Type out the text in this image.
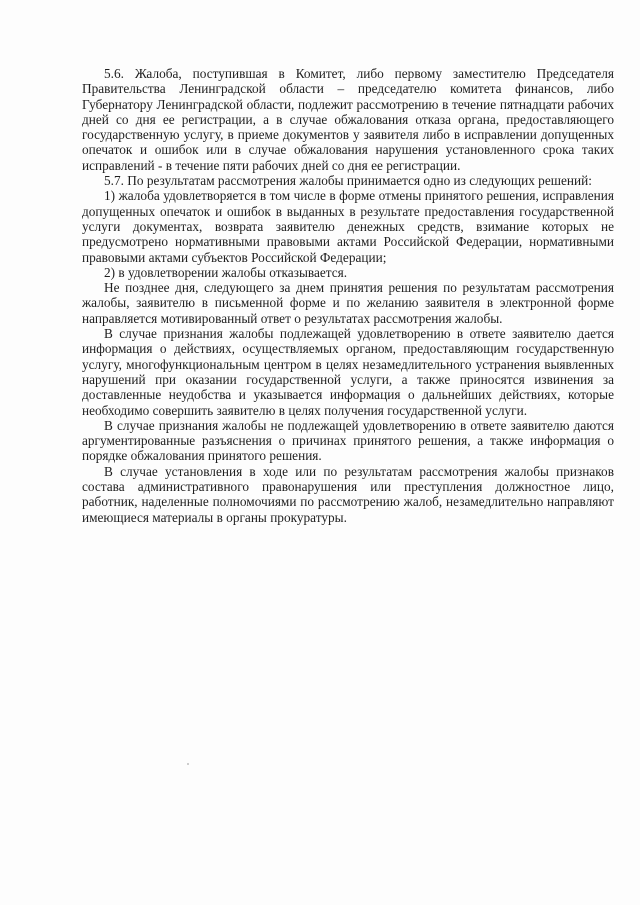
5.6. Жалоба, поступившая в Комитет, либо первому заместителю Председателя Правительства Ленинградской области – председателю комитета финансов, либо Губернатору Ленинградской области, подлежит рассмотрению в течение пятнадцати рабочих дней со дня ее регистрации, а в случае обжалования отказа органа, предоставляющего государственную услугу, в приеме документов у заявителя либо в исправлении допущенных опечаток и ошибок или в случае обжалования нарушения установленного срока таких исправлений - в течение пяти рабочих дней со дня ее регистрации.

5.7. По результатам рассмотрения жалобы принимается одно из следующих решений:

1) жалоба удовлетворяется в том числе в форме отмены принятого решения, исправления допущенных опечаток и ошибок в выданных в результате предоставления государственной услуги документах, возврата заявителю денежных средств, взимание которых не предусмотрено нормативными правовыми актами Российской Федерации, нормативными правовыми актами субъектов Российской Федерации;

2) в удовлетворении жалобы отказывается.

Не позднее дня, следующего за днем принятия решения по результатам рассмотрения жалобы, заявителю в письменной форме и по желанию заявителя в электронной форме направляется мотивированный ответ о результатах рассмотрения жалобы.

В случае признания жалобы подлежащей удовлетворению в ответе заявителю дается информация о действиях, осуществляемых органом, предоставляющим государственную услугу, многофункциональным центром в целях незамедлительного устранения выявленных нарушений при оказании государственной услуги, а также приносятся извинения за доставленные неудобства и указывается информация о дальнейших действиях, которые необходимо совершить заявителю в целях получения государственной услуги.

В случае признания жалобы не подлежащей удовлетворению в ответе заявителю даются аргументированные разъяснения о причинах принятого решения, а также информация о порядке обжалования принятого решения.

В случае установления в ходе или по результатам рассмотрения жалобы признаков состава административного правонарушения или преступления должностное лицо, работник, наделенные полномочиями по рассмотрению жалоб, незамедлительно направляют имеющиеся материалы в органы прокуратуры.
